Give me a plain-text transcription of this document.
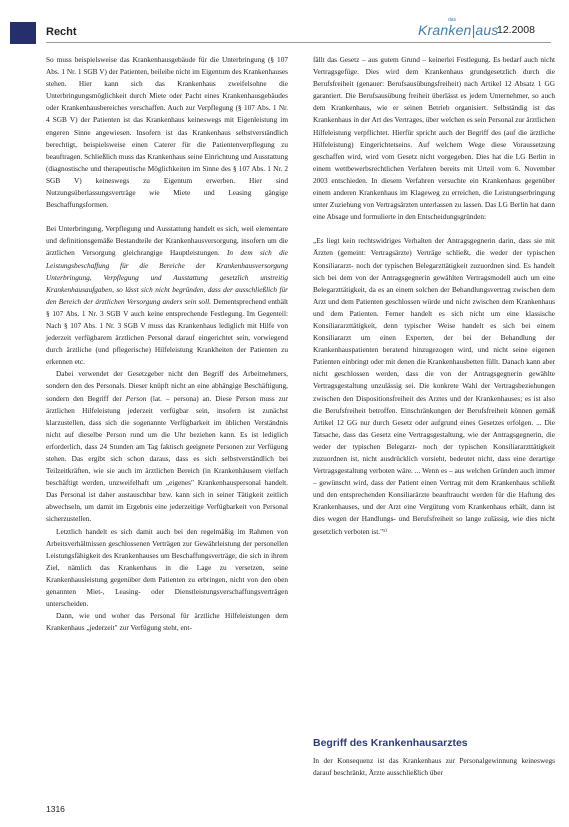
Recht
das
Kranken|aus
12.2008

So muss beispielsweise das Krankenhausgebäude für die Unterbringung (§ 107 Abs. 1 Nr. 1 SGB V) der Patienten, beileibe nicht im Eigentum des Krankenhauses stehen. Hier kann sich das Krankenhaus zweifelsohne die Unterbringungsmöglichkeit durch Miete oder Pacht eines Krankenhausgebäudes oder Krankenhausbereiches verschaffen. Auch zur Verpflegung (§ 107 Abs. 1 Nr. 4 SGB V) der Patienten ist das Krankenhaus keineswegs mit Eigenleistung im engeren Sinne angewiesen. Insofern ist das Krankenhaus selbstverständlich berechtigt, beispielsweise einen Caterer für die Patientenverpflegung zu beauftragen. Schließlich muss das Krankenhaus seine Einrichtung und Ausstattung (diagnostische und therapeutische Möglichkeiten im Sinne des § 107 Abs. 1 Nr. 2 SGB V) keineswegs zu Eigentum erwerben. Hier sind Nutzungsüberlassungsverträge wie Miete und Leasing gängige Beschaffungsformen.

Bei Unterbringung, Verpflegung und Ausstattung handelt es sich, weil elementare und definitionsgemäße Bestandteile der Krankenhausversorgung, insofern um die ärztlichen Versorgung gleichrangige Hauptleistungen. In dem sich die Leistungsbeschaffung für die Bereiche der Krankenhausversorgung Unterbringung, Verpflegung und Ausstattung gesetzlich unstreitig Krankenhausaufgaben, so lässt sich nicht begründen, dass der ausschließlich für den Bereich der ärztlichen Versorgung anders sein soll. Dementsprechend enthält § 107 Abs. 1 Nr. 3 SGB V auch keine entsprechende Festlegung. Im Gegenteil: Nach § 107 Abs. 1 Nr. 3 SGB V muss das Krankenhaus lediglich mit Hilfe von jederzeit verfügbarem ärztlichen Personal darauf eingerichtet sein, vorwiegend durch ärztliche (und pflegerische) Hilfeleistung Krankheiten der Patienten zu erkennen etc.

Dabei verwendet der Gesetzgeber nicht den Begriff des Arbeitnehmers, sondern den des Personals. Dieser knüpft nicht an eine abhängige Beschäftigung, sondern den Begriff der Person (lat. – persona) an. Diese Person muss zur ärztlichen Hilfeleistung jederzeit verfügbar sein, insofern ist zunächst klarzustellen, dass sich die sogenannte Verfügbarkeit im üblichen Verständnis nicht auf dieselbe Person rund um die Uhr beziehen kann. Es ist lediglich erforderlich, dass 24 Stunden am Tag faktisch geeignete Personen zur Verfügung stehen. Das ergibt sich schon daraus, dass es sich selbstverständlich bei Teilzeitkräften, wie sie auch im ärztlichen Bereich (in Krankenhäusern vielfach beschäftigt werden, unzweifelhaft um „eigenes" Krankenhauspersonal handelt. Das Personal ist daher austauschbar bzw. kann sich in seiner Tätigkeit zeitlich abwechseln, um damit im Ergebnis eine jederzeitige Verfügbarkeit von Personal sicherzustellen.

Letztlich handelt es sich damit auch bei den regelmäßig im Rahmen von Arbeitsverhältnissen geschlossenen Verträgen zur Gewährleistung der personellen Leistungsfähigkeit des Krankenhauses um Beschaffungsverträge, die sich in ihrem Ziel, nämlich das Krankenhaus in die Lage zu versetzen, seine Krankenhausleistung gegenüber dem Patienten zu erbringen, nicht von den oben genannten Miet-, Leasing- oder Dienstleistungsverschaffungsverträgen unterscheiden.

Dann, wie und woher das Personal für ärztliche Hilfeleistungen dem Krankenhaus „jederzeit" zur Verfügung steht, ent-

fällt das Gesetz – aus gutem Grund – keinerlei Festlegung. Es bedarf auch nicht Vertragsgefüge. Dies wird dem Krankenhaus grundgesetzlich durch die Berufsfreiheit (genauer: Berufsausübungsfreiheit) nach Artikel 12 Absatz 1 GG garantiert. Die Berufsausübung freiheit überlässt es jedem Unternehmer, so auch dem Krankenhaus, wie er seinen Betrieb organisiert. Selbständig ist das Krankenhaus in der Art des Vertrages, über welchen es sein Personal zur ärztlichen Hilfeleistung verpflichtet. Hierfür spricht auch der Begriff des (auf die ärztliche Hilfeleistung) Eingerichtetseins. Auf welchem Wege diese Voraussetzung geschaffen wird, wird vom Gesetz nicht vorgegeben. Dies hat die LG Berlin in einem wettbewerbsrechtlichen Verfahren bereits mit Urteil vom 6. November 2003 entschieden. In diesem Verfahren versuchte ein Krankenhaus gegenüber einem anderen Krankenhaus im Klageweg zu erreichen, die Leistungserbringung unter Zuziehung von Vertragsärzten unterlassen zu lassen. Das LG Berlin hat dann eine Absage und formulierte in den Entscheidungsgründen:

„Es liegt kein rechtswidriges Verhalten der Antragsgegnerin darin, dass sie mit Ärzten (gemeint: Vertragsärzte) Verträge schließt, die weder der typischen Konsiliararzt- noch der typischen Belegarzttätigkeit zuzuordnen sind. Es handelt sich bei dem von der Antragsgegnerin gewählten Vertragsmodell auch um eine Belegarzttätigkeit, da es an einem solchen der Behandlungsvertrag zwischen dem Arzt und dem Patienten geschlossen würde und nicht zwischen dem Krankenhaus und dem Patienten. Ferner handelt es sich nicht um eine klassische Konsiliararzttätigkeit, denn typischer Weise handelt es sich bei einem Konsiliararzt um einen Experten, der bei der Behandlung der Krankenhauspatienten beratend hinzugezogen wird, und nicht seine eigenen Patienten einbringt oder mit denen die Krankenhausbetten füllt. Danach kann aber nicht geschlossen werden, dass die von der Antragsgegnerin gewählte Vertragsgestaltung unzulässig sei. Die konkrete Wahl der Vertragsbeziehungen zwischen den Dispositionsfreiheit des Arztes und der Krankenhauses; es ist also die Berufsfreiheit betroffen. Einschränkungen der Berufsfreiheit können gemäß Artikel 12 GG nur durch Gesetz oder aufgrund eines Gesetzes erfolgen. ... Die Tatsache, dass das Gesetz eine Vertragsgestaltung, wie der Antragsgegnerin, die weder der typischen Belegarzt- noch der typischen Konsiliararzttätigkeit zuzuordnen ist, nicht ausdrücklich vorsieht, bedeutet nicht, dass eine derartige Vertragsgestaltung verboten wäre. ... Wenn es – aus welchen Gründen auch immer – gewünscht wird, dass der Patient einen Vertrag mit dem Krankenhaus schließt und den entsprechenden Konsiliarärzte beauftraucht werden für die Haftung des Krankenhauses, und der Arzt eine Vergütung vom Krankenhaus erhält, dann ist dies wegen der Handlungs- und Berufsfreiheit so lange zulässig, wie dies nicht gesetzlich verboten ist."¹⁾

Begriff des Krankenhausarztes

In der Konsequenz ist das Krankenhaus zur Personalgewinnung keineswegs darauf beschränkt, Ärzte ausschließlich über

1316
